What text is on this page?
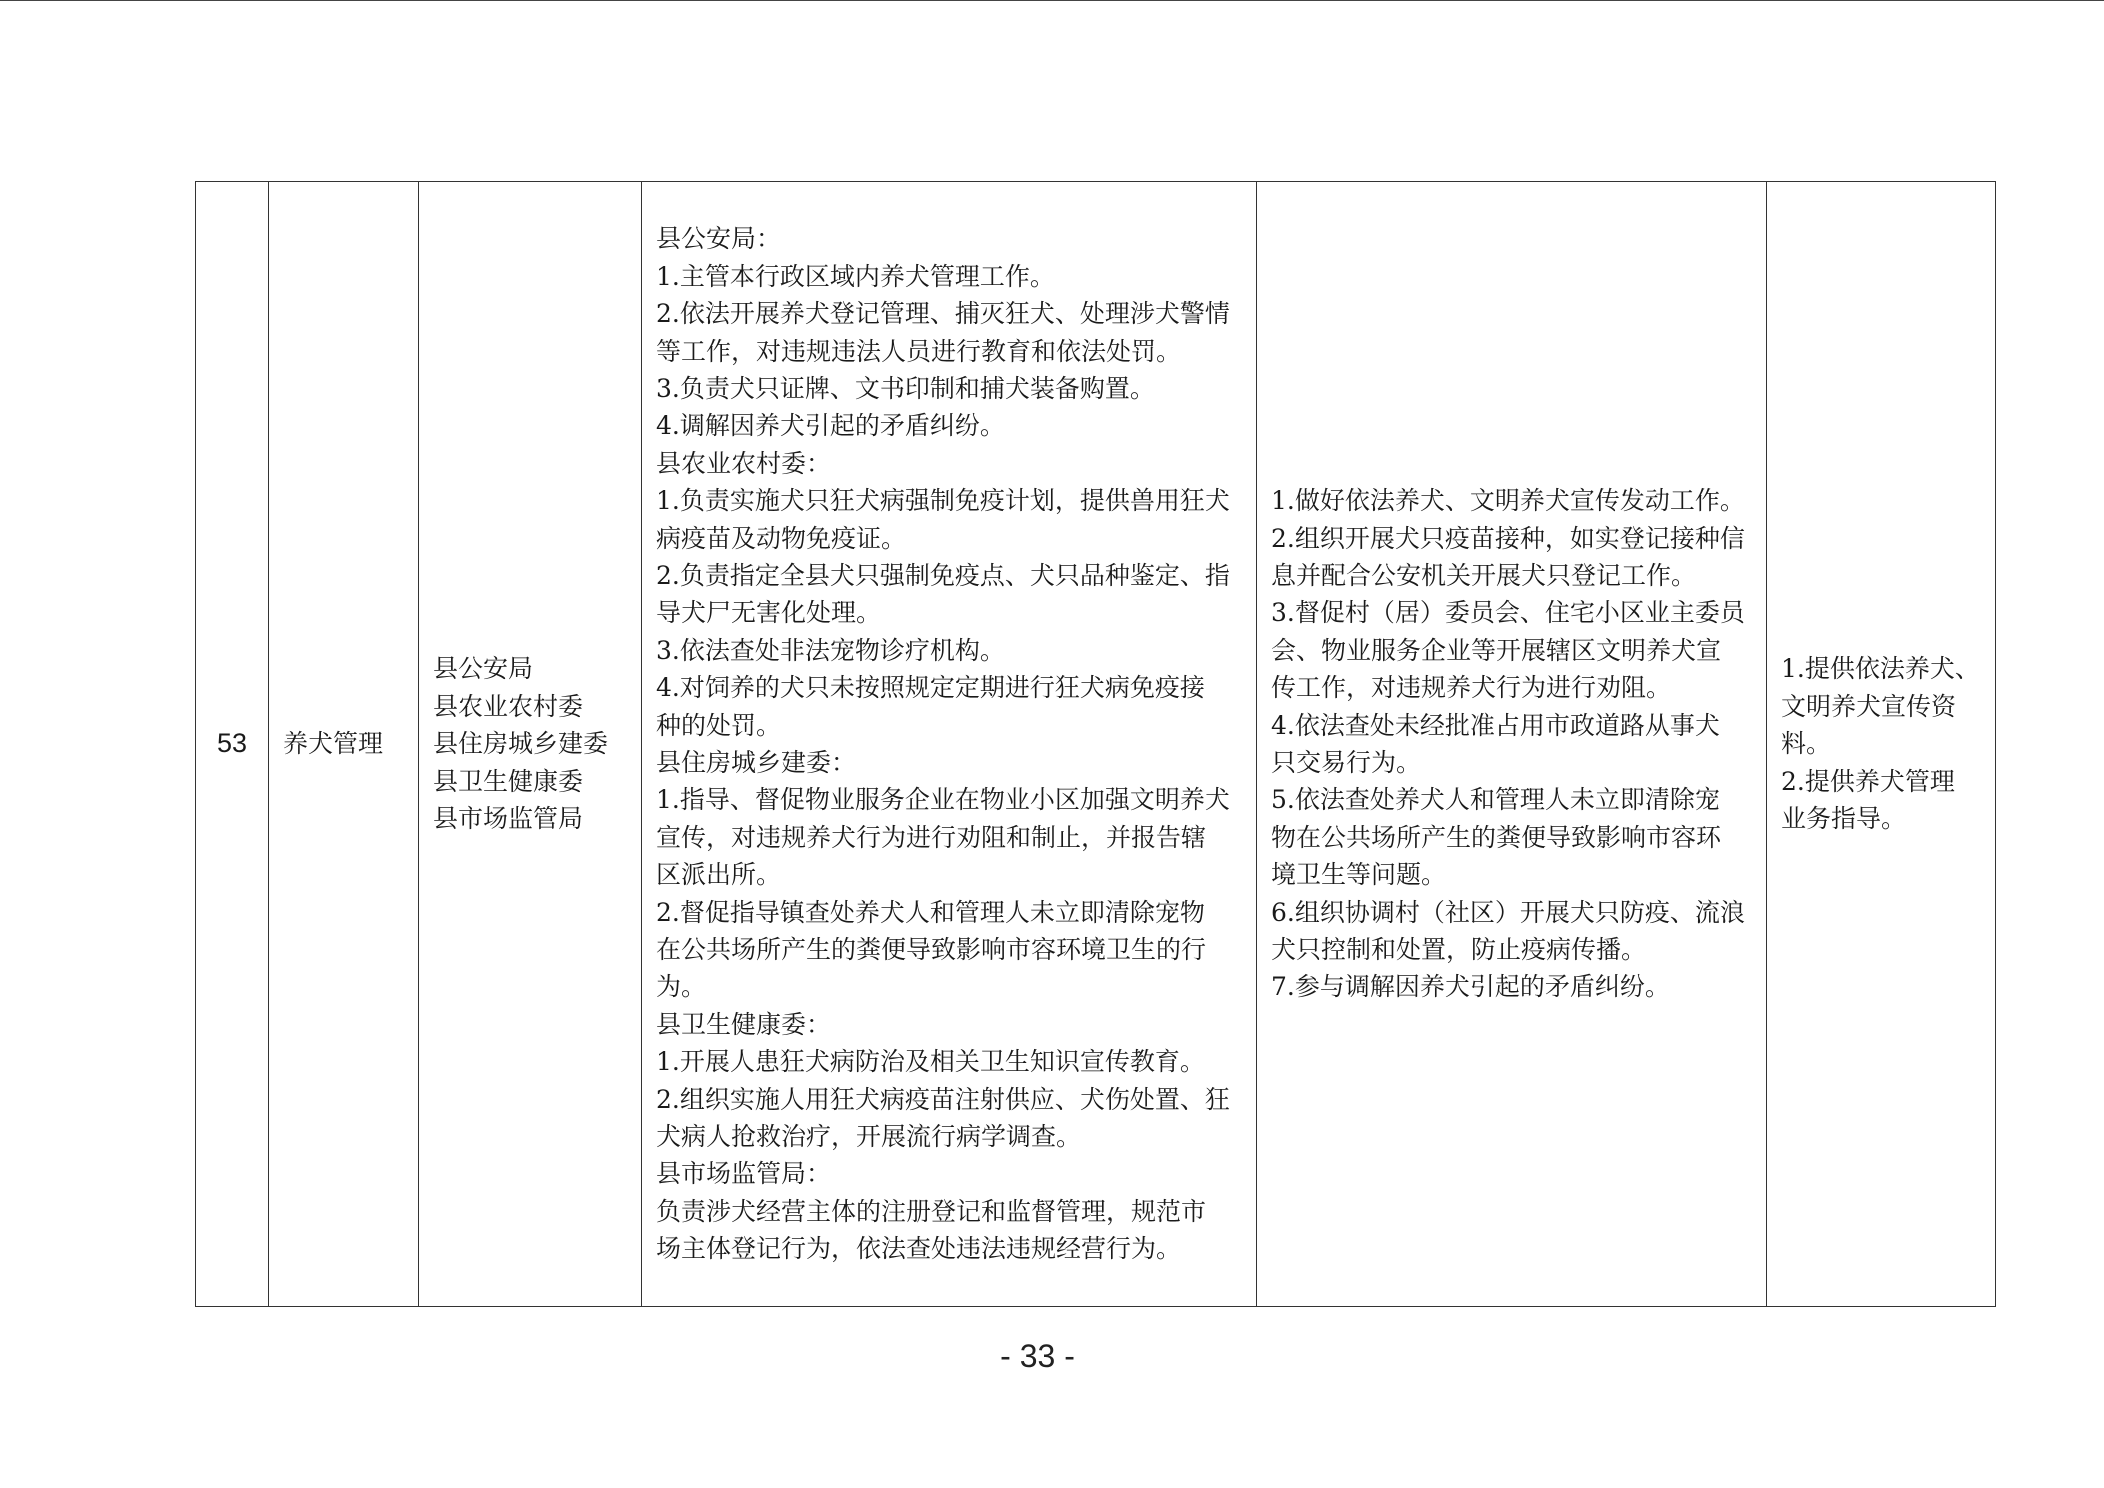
53	养犬管理	
县公安局
县农业农村委
县住房城乡建委
县卫生健康委
县市场监管局

县公安局：
1.主管本行政区域内养犬管理工作。
2.依法开展养犬登记管理、捕灭狂犬、处理涉犬警情
等工作，对违规违法人员进行教育和依法处罚。
3.负责犬只证牌、文书印制和捕犬装备购置。
4.调解因养犬引起的矛盾纠纷。
县农业农村委：
1.负责实施犬只狂犬病强制免疫计划，提供兽用狂犬
病疫苗及动物免疫证。
2.负责指定全县犬只强制免疫点、犬只品种鉴定、指
导犬尸无害化处理。
3.依法查处非法宠物诊疗机构。
4.对饲养的犬只未按照规定定期进行狂犬病免疫接
种的处罚。
县住房城乡建委：
1.指导、督促物业服务企业在物业小区加强文明养犬
宣传，对违规养犬行为进行劝阻和制止，并报告辖
区派出所。
2.督促指导镇查处养犬人和管理人未立即清除宠物
在公共场所产生的粪便导致影响市容环境卫生的行
为。
县卫生健康委：
1.开展人患狂犬病防治及相关卫生知识宣传教育。
2.组织实施人用狂犬病疫苗注射供应、犬伤处置、狂
犬病人抢救治疗，开展流行病学调查。
县市场监管局：
负责涉犬经营主体的注册登记和监督管理，规范市
场主体登记行为，依法查处违法违规经营行为。

1.做好依法养犬、文明养犬宣传发动工作。
2.组织开展犬只疫苗接种，如实登记接种信
息并配合公安机关开展犬只登记工作。
3.督促村（居）委员会、住宅小区业主委员
会、物业服务企业等开展辖区文明养犬宣
传工作，对违规养犬行为进行劝阻。
4.依法查处未经批准占用市政道路从事犬
只交易行为。
5.依法查处养犬人和管理人未立即清除宠
物在公共场所产生的粪便导致影响市容环
境卫生等问题。
6.组织协调村（社区）开展犬只防疫、流浪
犬只控制和处置，防止疫病传播。
7.参与调解因养犬引起的矛盾纠纷。

1.提供依法养犬、
文明养犬宣传资
料。
2.提供养犬管理
业务指导。
- 33 -
